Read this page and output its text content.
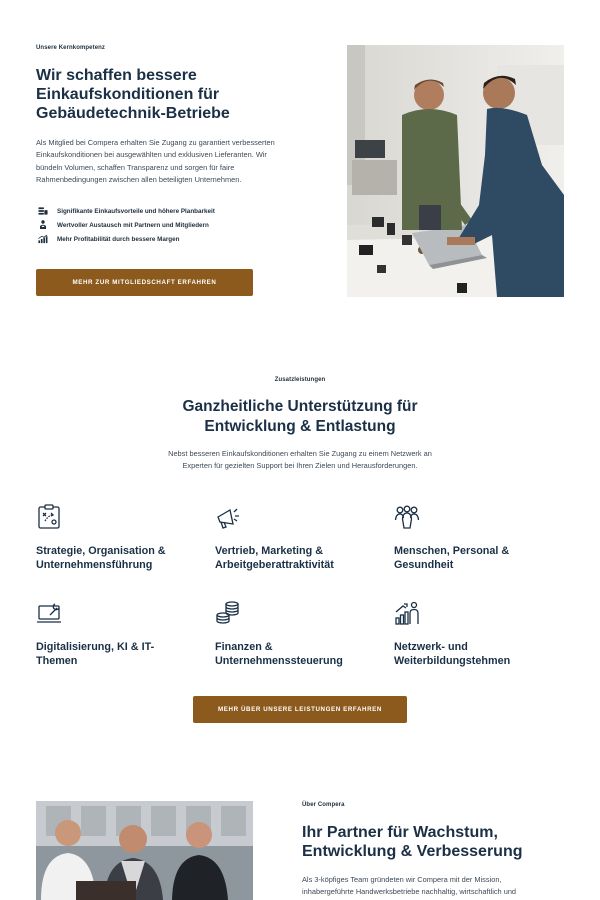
Unsere Kernkompetenz
Wir schaffen bessere
Einkaufskonditionen für
Gebäudetechnik-Betriebe
Als Mitglied bei Compera erhalten Sie Zugang zu garantiert verbesserten
Einkaufskonditionen bei ausgewählten und exklusiven Lieferanten. Wir
bündeln Volumen, schaffen Transparenz und sorgen für faire
Rahmenbedingungen zwischen allen beteiligten Unternehmen.
Signifikante Einkaufsvorteile und höhere Planbarkeit
Wertvoller Austausch mit Partnern und Mitgliedern
Mehr Profitabilität durch bessere Margen
MEHR ZUR MITGLIEDSCHAFT ERFAHREN
Zusatzleistungen
Ganzheitliche Unterstützung für
Entwicklung & Entlastung
Nebst besseren Einkaufskonditionen erhalten Sie Zugang zu einem Netzwerk an
Experten für gezielten Support bei Ihren Zielen und Herausforderungen.
Strategie, Organisation &
Unternehmensführung
Vertrieb, Marketing &
Arbeitgeberattraktivität
Menschen, Personal &
Gesundheit
Digitalisierung, KI & IT-
Themen
Finanzen &
Unternehmenssteuerung
Netzwerk- und
Weiterbildungstehmen
MEHR ÜBER UNSERE LEISTUNGEN ERFAHREN
Über Compera
Ihr Partner für Wachstum,
Entwicklung & Verbesserung
Als 3-köpfiges Team gründeten wir Compera mit der Mission,
inhabergeführte Handwerksbetriebe nachhaltig, wirtschaftlich und
